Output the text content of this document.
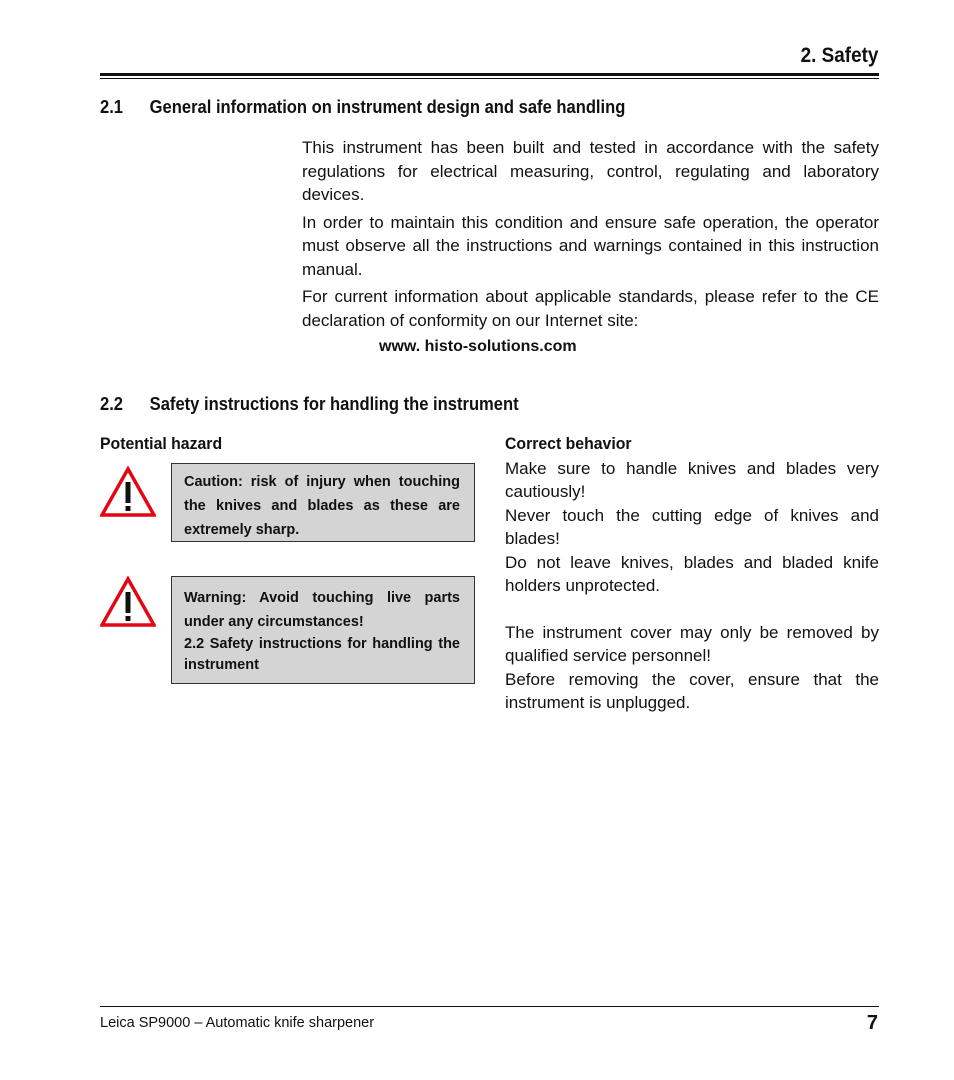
2. Safety
2.1 General information on instrument design and safe handling

This instrument has been built and tested in accordance with the safety regulations for electrical measuring, control, regulating and laboratory devices.

In order to maintain this condition and ensure safe operation, the operator must observe all the instructions and warnings contained in this instruction manual.

For current information about applicable standards, please refer to the CE declaration of conformity on our Internet site:

www. histo-solutions.com
2.2 Safety instructions for handling the instrument
Potential hazard	Correct behavior

Caution: risk of injury when touching the knives and blades as these are extremely sharp.

Warning: Avoid touching live parts under any circumstances!

2.2 Safety instructions for handling the instrument

Make sure to handle knives and blades very cautiously!

Never touch the cutting edge of knives and blades!

Do not leave knives, blades and bladed knife holders unprotected.

The instrument cover may only be removed by qualified service personnel!

Before removing the cover, ensure that the instrument is unplugged.

Leica SP9000 – Automatic knife sharpener	7
